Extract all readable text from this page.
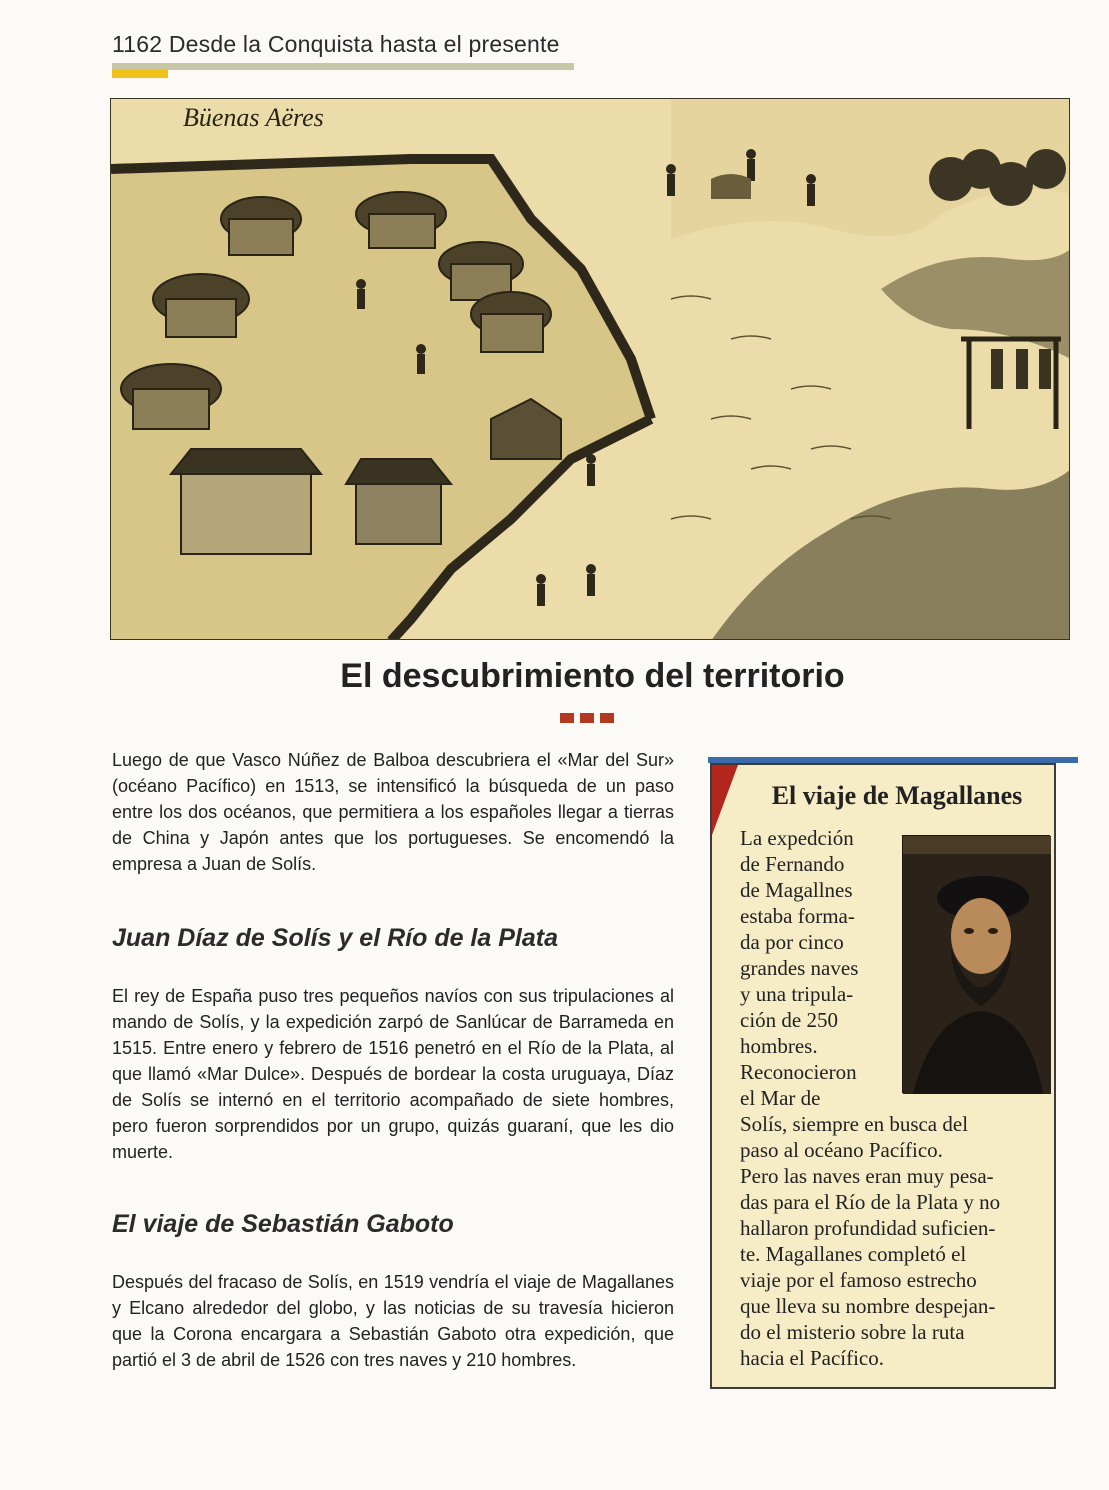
1162 Desde la Conquista hasta el presente
Büenas Aëres
El descubrimiento del territorio

Luego de que Vasco Núñez de Balboa descubriera el «Mar del Sur» (océano Pacífico) en 1513, se intensificó la búsqueda de un paso entre los dos océanos, que permitiera a los españoles llegar a tierras de China y Japón antes que los portugueses. Se encomendó la empresa a Juan de Solís.

Juan Díaz de Solís y el Río de la Plata

El rey de España puso tres pequeños navíos con sus tripulaciones al mando de Solís, y la expedición zarpó de Sanlúcar de Barrameda en 1515. Entre enero y febrero de 1516 penetró en el Río de la Plata, al que llamó «Mar Dulce». Después de bordear la costa uruguaya, Díaz de Solís se internó en el territorio acompañado de siete hombres, pero fueron sorprendidos por un grupo, quizás guaraní, que les dio muerte.

El viaje de Sebastián Gaboto

Después del fracaso de Solís, en 1519 vendría el viaje de Magallanes y Elcano alrededor del globo, y las noticias de su travesía hicieron que la Corona encargara a Sebastián Gaboto otra expedición, que partió el 3 de abril de 1526 con tres naves y 210 hombres.

El viaje de Magallanes
La expedción
de Fernando
de Magallnes
estaba forma-
da por cinco
grandes naves
y una tripula-
ción de 250
hombres.
Reconocieron
el Mar de
Solís, siempre en busca del
paso al océano Pacífico.
Pero las naves eran muy pesa-
das para el Río de la Plata y no
hallaron profundidad suficien-
te. Magallanes completó el
viaje por el famoso estrecho
que lleva su nombre despejan-
do el misterio sobre la ruta
hacia el Pacífico.
